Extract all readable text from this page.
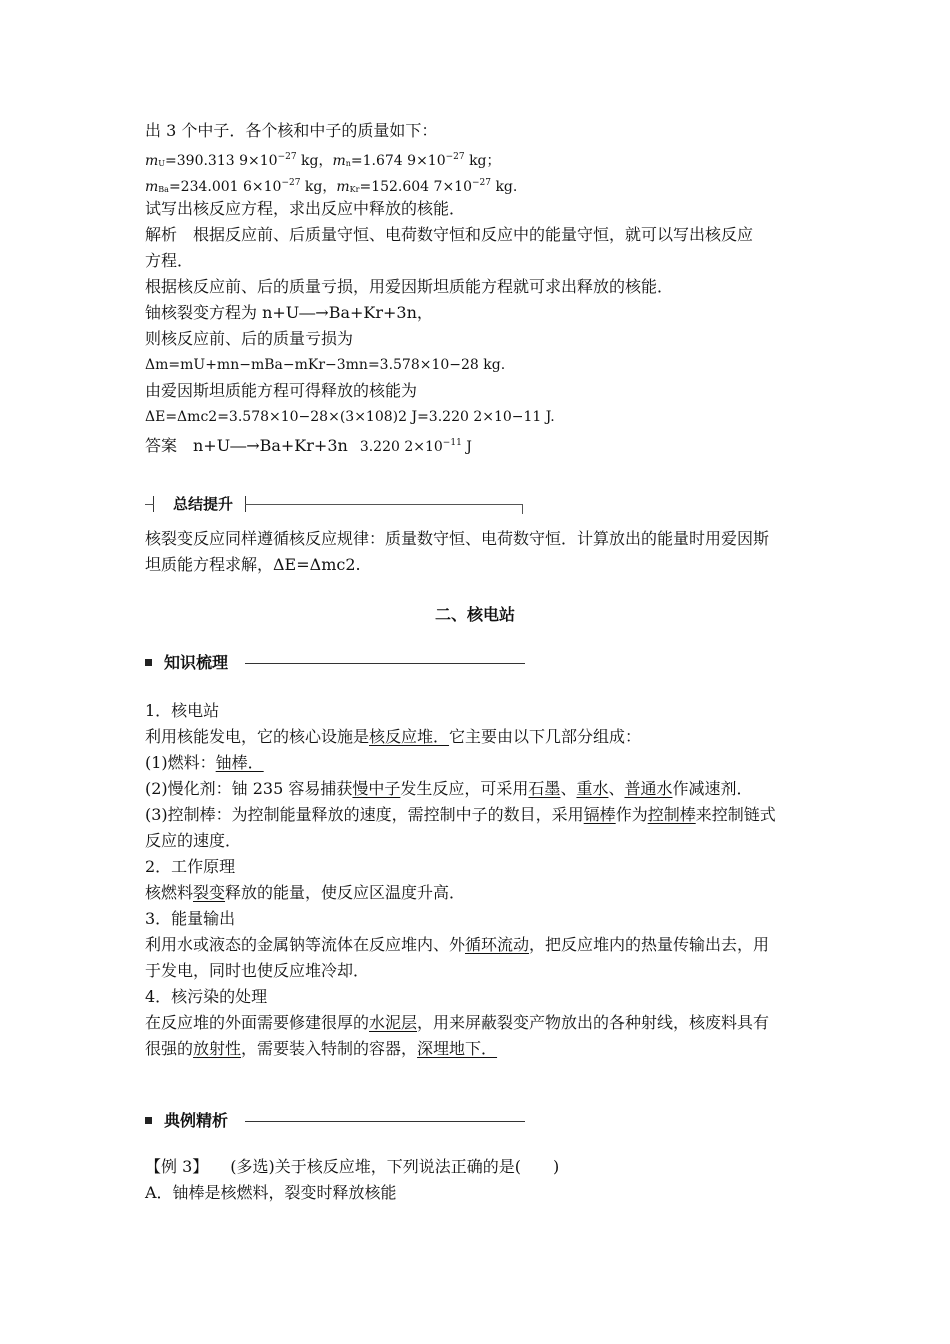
出 3 个中子．各个核和中子的质量如下：
mU=390.313 $9\times 10^{-27}$ kg，mn=1.674 $9\times 10^{-27}$ kg；
mBa=234.001 $6\times 10^{-27}$ kg，mKr=152.604 $7\times 10^{-27}$ kg.
试写出核反应方程，求出反应中释放的核能．
解析　根据反应前、后质量守恒、电荷数守恒和反应中的能量守恒，就可以写出核反应
方程．
根据核反应前、后的质量亏损，用爱因斯坦质能方程就可求出释放的核能．
铀核裂变方程为 n+U―→Ba+Kr+3n，
则核反应前、后的质量亏损为
Δm=mU+mn−mBa−mKr−3mn=3.578×10−28 kg.
由爱因斯坦质能方程可得释放的核能为
ΔE=Δmc2=3.578×10−28×(3×108)2 J=3.220 2×10−11 J.
答案　n+U―→Ba+Kr+3n 3.220 $2\times 10^{-11}$ J
总结提升
核裂变反应同样遵循核反应规律：质量数守恒、电荷数守恒．计算放出的能量时用爱因斯
坦质能方程求解，ΔE=Δmc2.
二、核电站
知识梳理
1．核电站
利用核能发电，它的核心设施是核反应堆．它主要由以下几部分组成：
(1)燃料：铀棒．
(2)慢化剂：铀 235 容易捕获慢中子发生反应，可采用石墨、重水、普通水作减速剂．
(3)控制棒：为控制能量释放的速度，需控制中子的数目，采用镉棒作为控制棒来控制链式
反应的速度．
2．工作原理
核燃料裂变释放的能量，使反应区温度升高．
3．能量输出
利用水或液态的金属钠等流体在反应堆内、外循环流动，把反应堆内的热量传输出去，用
于发电，同时也使反应堆冷却．
4．核污染的处理
在反应堆的外面需要修建很厚的水泥层，用来屏蔽裂变产物放出的各种射线，核废料具有
很强的放射性，需要装入特制的容器，深埋地下．
典例精析
【例 3】 (多选)关于核反应堆，下列说法正确的是(　　)
A．铀棒是核燃料，裂变时释放核能
